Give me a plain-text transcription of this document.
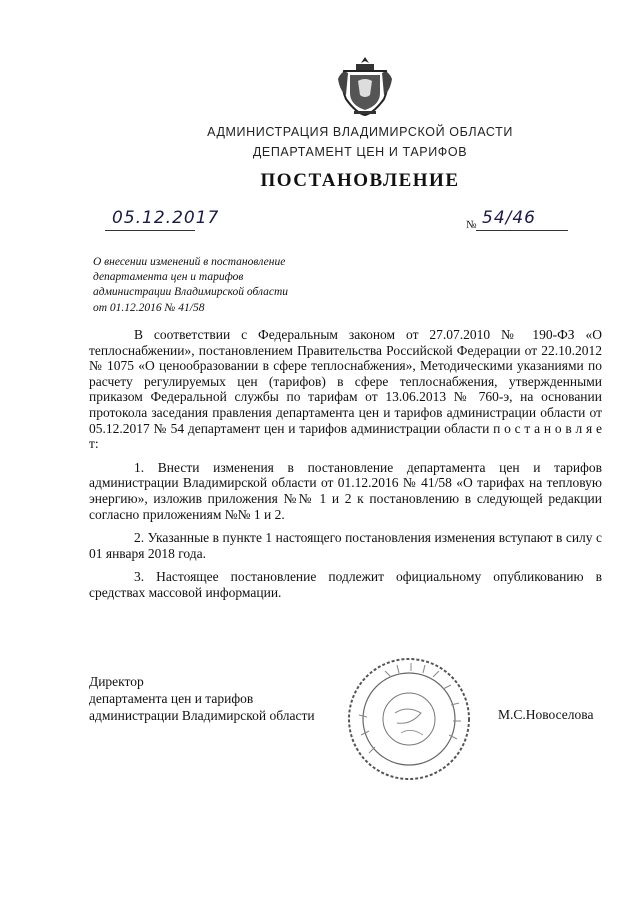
АДМИНИСТРАЦИЯ ВЛАДИМИРСКОЙ ОБЛАСТИ
ДЕПАРТАМЕНТ ЦЕН И ТАРИФОВ
ПОСТАНОВЛЕНИЕ
05.12.2017	№ 54/46
О внесении изменений в постановление
департамента цен и тарифов
администрации Владимирской области
от 01.12.2016 № 41/58

В соответствии с Федеральным законом от 27.07.2010 № 190-ФЗ «О теплоснабжении», постановлением Правительства Российской Федерации от 22.10.2012 № 1075 «О ценообразовании в сфере теплоснабжения», Методическими указаниями по расчету регулируемых цен (тарифов) в сфере теплоснабжения, утвержденными приказом Федеральной службы по тарифам от 13.06.2013 № 760-э, на основании протокола заседания правления департамента цен и тарифов администрации области от 05.12.2017 № 54 департамент цен и тарифов администрации области п о с т а н о в л я е т:

1. Внести изменения в постановление департамента цен и тарифов администрации Владимирской области от 01.12.2016 № 41/58 «О тарифах на тепловую энергию», изложив приложения №№ 1 и 2 к постановлению в следующей редакции согласно приложениям №№ 1 и 2.

2. Указанные в пункте 1 настоящего постановления изменения вступают в силу с 01 января 2018 года.

3. Настоящее постановление подлежит официальному опубликованию в средствах массовой информации.

Директор
департамента цен и тарифов
администрации Владимирской области	М.С.Новоселова
